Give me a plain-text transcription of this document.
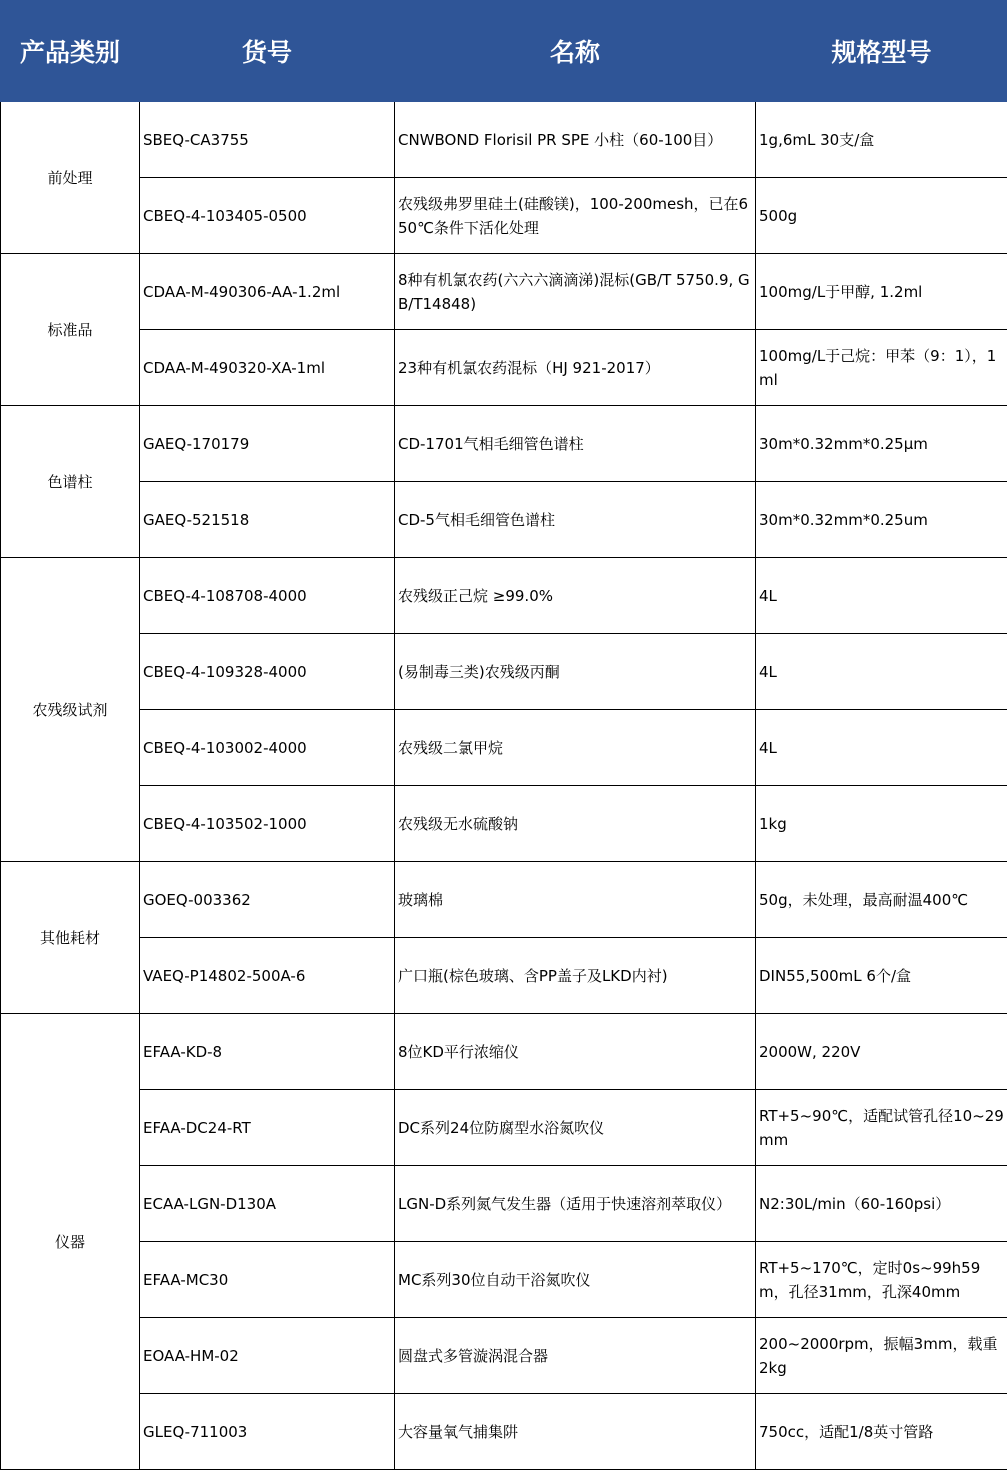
产品类别	货号	名称	规格型号
前处理	SBEQ-CA3755	CNWBOND Florisil PR SPE 小柱（60-100目）	1g,6mL 30支/盒
	CBEQ-4-103405-0500	农残级弗罗里硅土(硅酸镁)，100-200mesh，已在650℃条件下活化处理	500g
标准品	CDAA-M-490306-AA-1.2ml	8种有机氯农药(六六六滴滴涕)混标(GB/T 5750.9, GB/T14848)	100mg/L于甲醇, 1.2ml
	CDAA-M-490320-XA-1ml	23种有机氯农药混标（HJ 921-2017）	100mg/L于己烷：甲苯（9：1），1ml
色谱柱	GAEQ-170179	CD-1701气相毛细管色谱柱	30m*0.32mm*0.25μm
	GAEQ-521518	CD-5气相毛细管色谱柱	30m*0.32mm*0.25um
农残级试剂	CBEQ-4-108708-4000	农残级正己烷 ≥99.0%	4L
	CBEQ-4-109328-4000	(易制毒三类)农残级丙酮	4L
	CBEQ-4-103002-4000	农残级二氯甲烷	4L
	CBEQ-4-103502-1000	农残级无水硫酸钠	1kg
其他耗材	GOEQ-003362	玻璃棉	50g，未处理，最高耐温400℃
	VAEQ-P14802-500A-6	广口瓶(棕色玻璃、含PP盖子及LKD内衬)	DIN55,500mL 6个/盒
仪器	EFAA-KD-8	8位KD平行浓缩仪	2000W, 220V
	EFAA-DC24-RT	DC系列24位防腐型水浴氮吹仪	RT+5~90℃，适配试管孔径10~29mm
	ECAA-LGN-D130A	LGN-D系列氮气发生器（适用于快速溶剂萃取仪）	N2:30L/min（60-160psi）
	EFAA-MC30	MC系列30位自动干浴氮吹仪	RT+5~170℃，定时0s~99h59m，孔径31mm，孔深40mm
	EOAA-HM-02	圆盘式多管漩涡混合器	200~2000rpm，振幅3mm，载重2kg
	GLEQ-711003	大容量氧气捕集阱	750cc，适配1/8英寸管路
